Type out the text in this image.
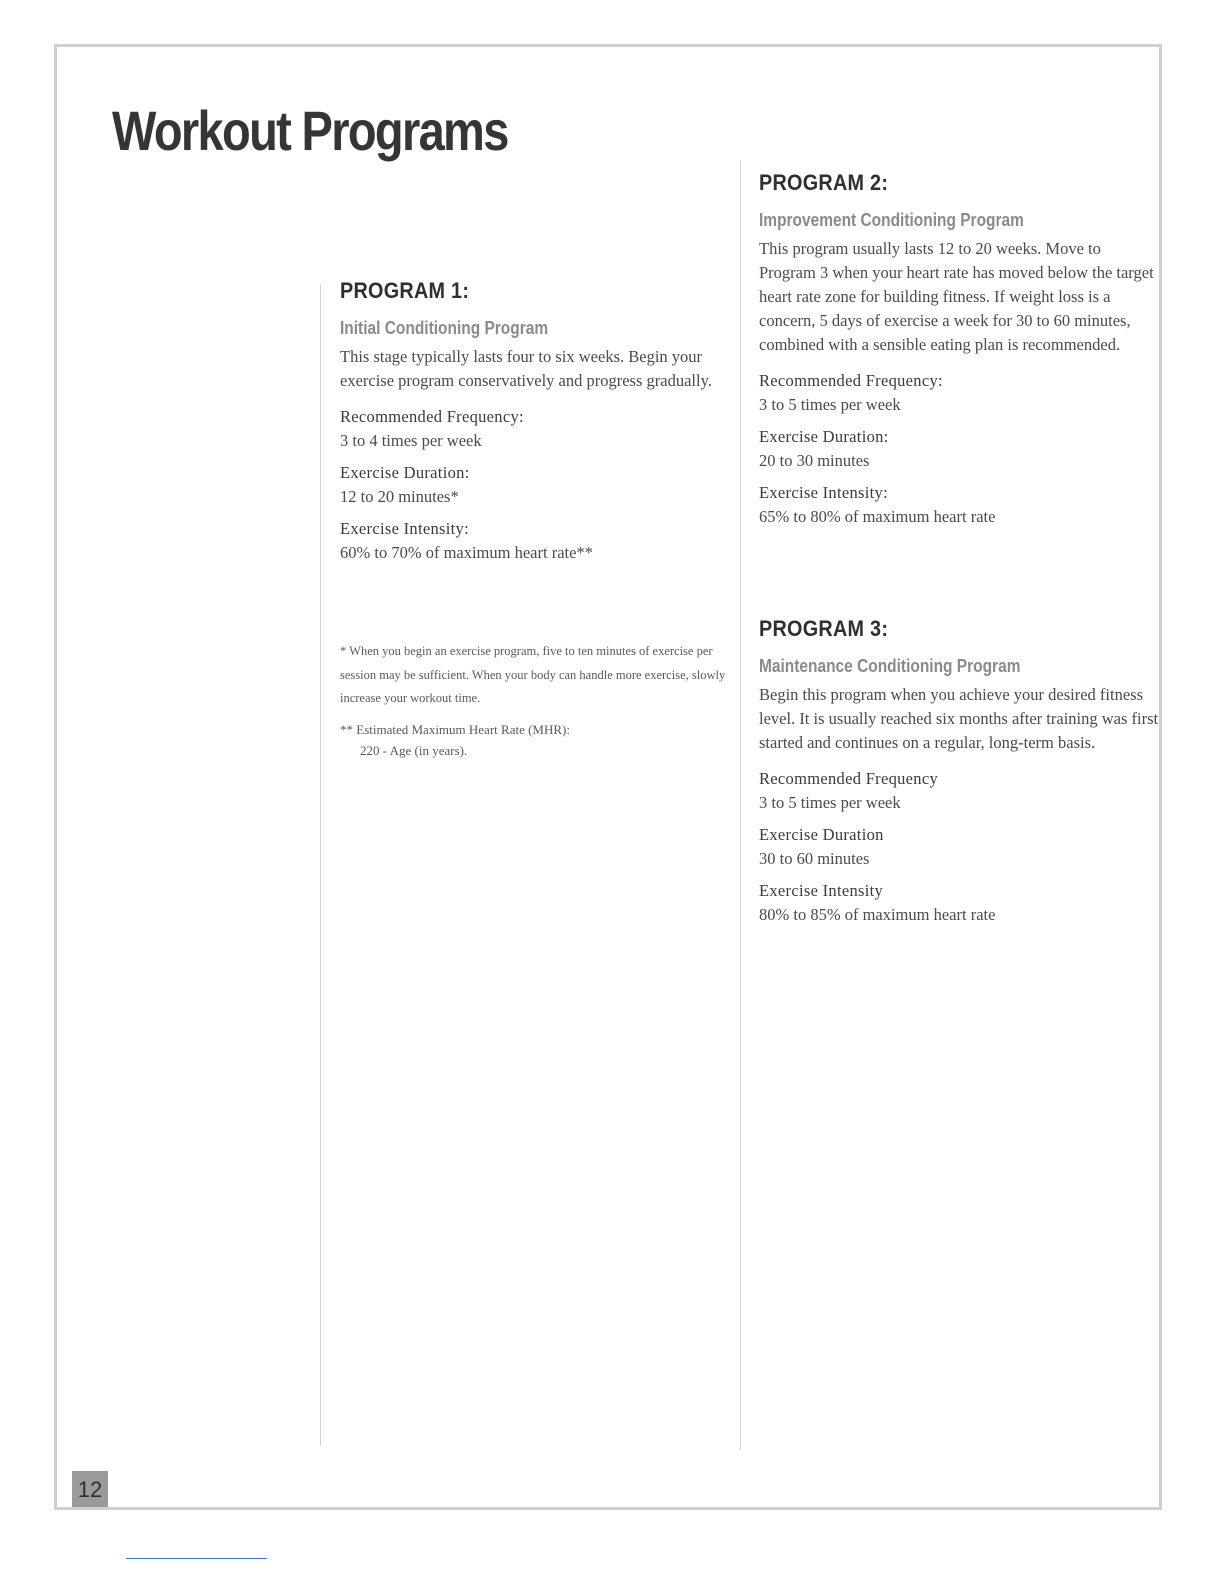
Workout Programs
PROGRAM 1:
Initial Conditioning Program

This stage typically lasts four to six weeks. Begin your exercise program conservatively and progress gradually.

Recommended Frequency:
3 to 4 times per week
Exercise Duration:
12 to 20 minutes*
Exercise Intensity:
60% to 70% of maximum heart rate**

* When you begin an exercise program, five to ten minutes of exercise per session may be sufficient. When your body can handle more exercise, slowly increase your workout time.

** Estimated Maximum Heart Rate (MHR):
220 - Age (in years).

PROGRAM 2:
Improvement Conditioning Program

This program usually lasts 12 to 20 weeks. Move to Program 3 when your heart rate has moved below the target heart rate zone for building fitness. If weight loss is a concern, 5 days of exercise a week for 30 to 60 minutes, combined with a sensible eating plan is recommended.

Recommended Frequency:
3 to 5 times per week
Exercise Duration:
20 to 30 minutes
Exercise Intensity:
65% to 80% of maximum heart rate
PROGRAM 3:
Maintenance Conditioning Program

Begin this program when you achieve your desired fitness level. It is usually reached six months after training was first started and continues on a regular, long-term basis.

Recommended Frequency
3 to 5 times per week
Exercise Duration
30 to 60 minutes
Exercise Intensity
80% to 85% of maximum heart rate
12
